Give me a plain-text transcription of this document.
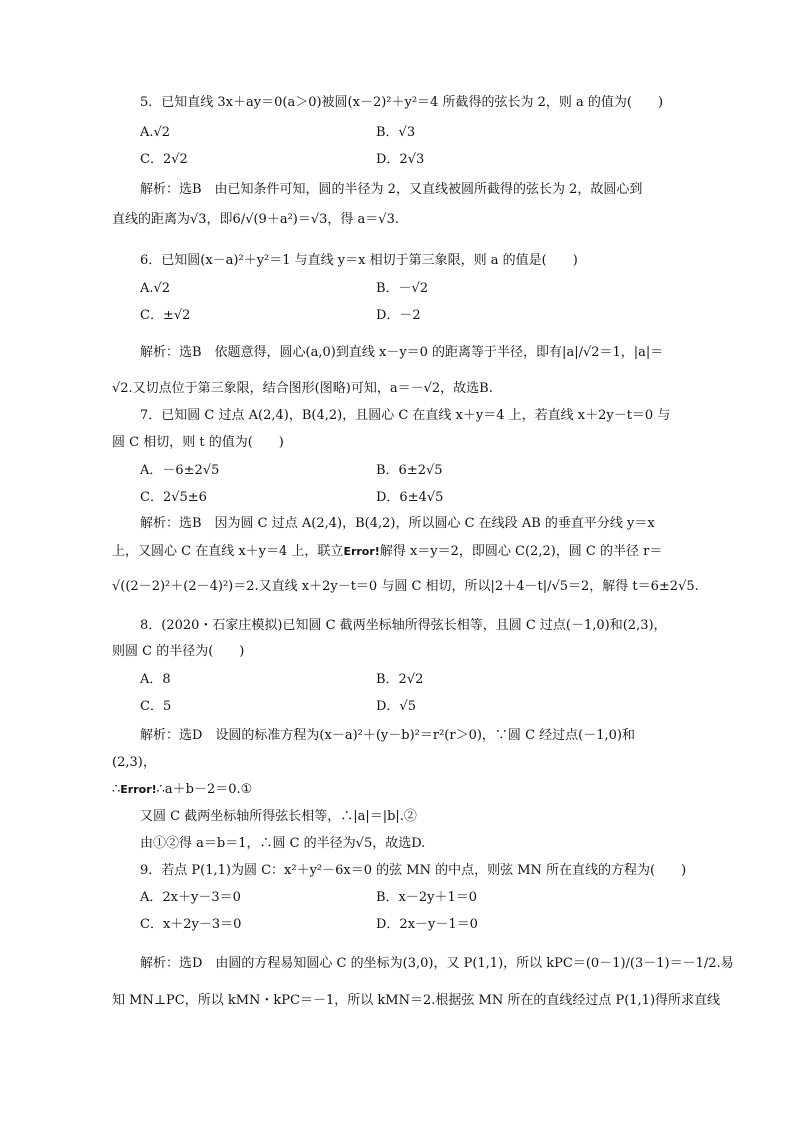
5．已知直线 3x＋ay＝0(a＞0)被圆(x－2)²＋y²＝4 所截得的弦长为 2，则 a 的值为(　　)
A.√2	B．√3
C．2√2	D．2√3
解析：选B　由已知条件可知，圆的半径为 2，又直线被圆所截得的弦长为 2，故圆心到
直线的距离为√3，即6/√(9＋a²)＝√3，得 a＝√3.
6．已知圆(x－a)²＋y²＝1 与直线 y＝x 相切于第三象限，则 a 的值是(　　)
A.√2	B．－√2
C．±√2	D．－2
解析：选B　依题意得，圆心(a,0)到直线 x－y＝0 的距离等于半径，即有|a|/√2＝1，|a|＝
√2.又切点位于第三象限，结合图形(图略)可知，a＝－√2，故选B.
7．已知圆 C 过点 A(2,4)，B(4,2)，且圆心 C 在直线 x＋y＝4 上，若直线 x＋2y－t＝0 与
圆 C 相切，则 t 的值为(　　)
A．－6±2√5	B．6±2√5
C．2√5±6	D．6±4√5
解析：选B　因为圆 C 过点 A(2,4)，B(4,2)，所以圆心 C 在线段 AB 的垂直平分线 y＝x
上，又圆心 C 在直线 x＋y＝4 上，联立Error!解得 x＝y＝2，即圆心 C(2,2)，圆 C 的半径 r＝
√((2－2)²＋(2－4)²)＝2.又直线 x＋2y－t＝0 与圆 C 相切，所以|2＋4－t|/√5＝2，解得 t＝6±2√5.
8．(2020・石家庄模拟)已知圆 C 截两坐标轴所得弦长相等，且圆 C 过点(－1,0)和(2,3)，
则圆 C 的半径为(　　)
A．8	B．2√2
C．5	D．√5
解析：选D　设圆的标准方程为(x－a)²＋(y－b)²＝r²(r＞0)，∵圆 C 经过点(－1,0)和
(2,3)，
∴Error!∴a＋b－2＝0.①
又圆 C 截两坐标轴所得弦长相等，∴|a|＝|b|.②
由①②得 a＝b＝1，∴圆 C 的半径为√5，故选D.
9．若点 P(1,1)为圆 C：x²＋y²－6x＝0 的弦 MN 的中点，则弦 MN 所在直线的方程为(　　)
A．2x＋y－3＝0	B．x－2y＋1＝0
C．x＋2y－3＝0	D．2x－y－1＝0
解析：选D　由圆的方程易知圆心 C 的坐标为(3,0)，又 P(1,1)，所以 kPC＝(0－1)/(3－1)＝－1/2.易
知 MN⊥PC，所以 kMN・kPC＝－1，所以 kMN＝2.根据弦 MN 所在的直线经过点 P(1,1)得所求直线
